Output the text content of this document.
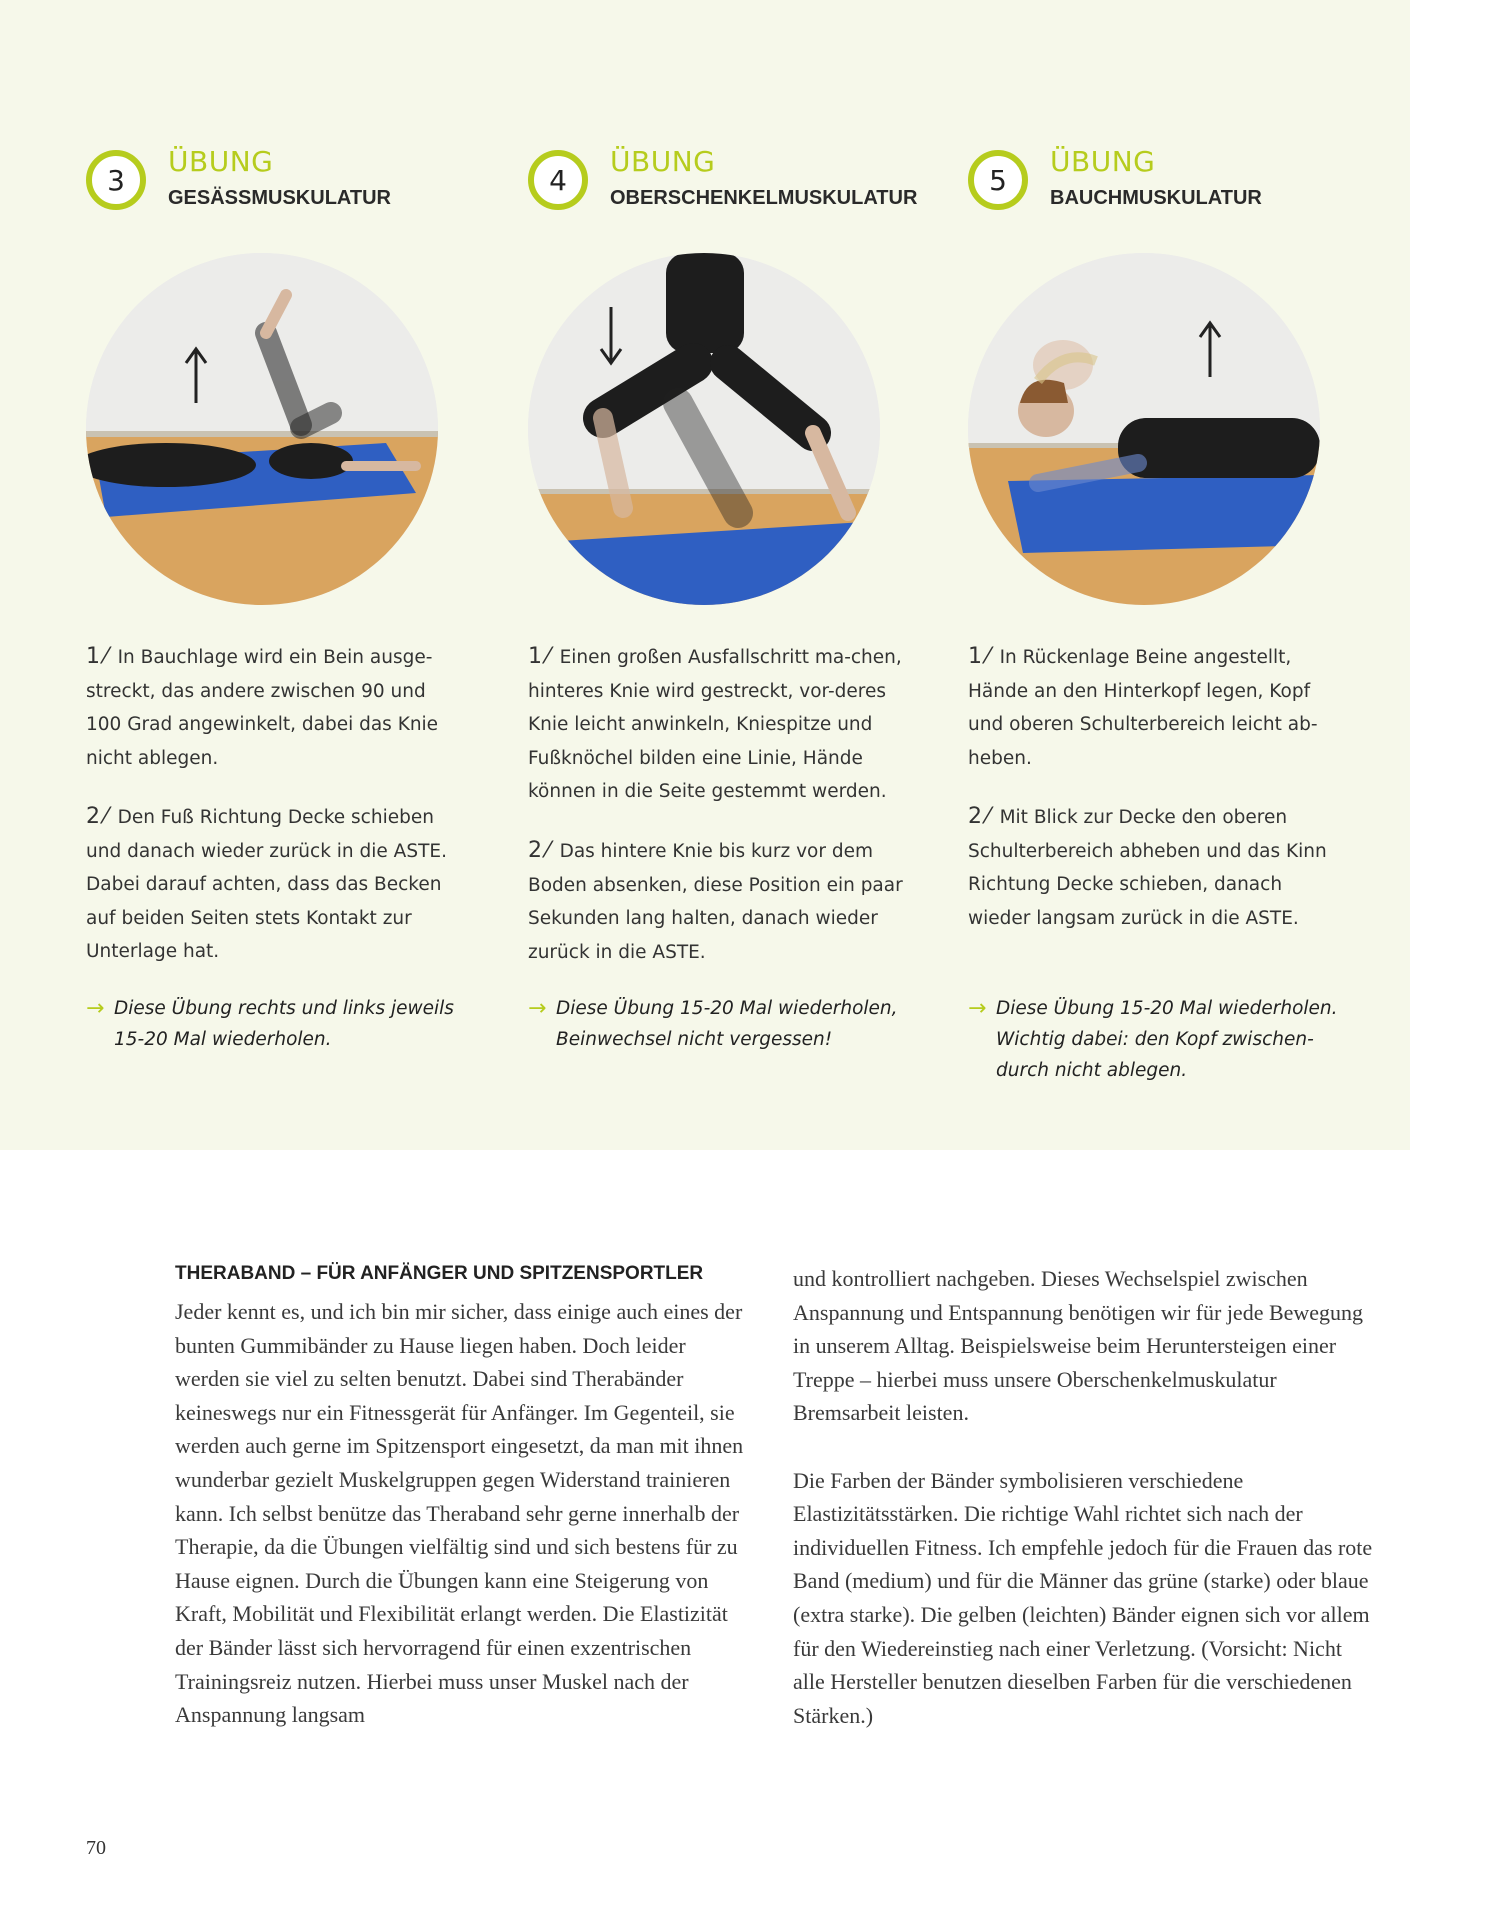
3
ÜBUNG
GESÄSSMUSKULATUR
1 ⁄ In Bauchlage wird ein Bein ausge-streckt, das andere zwischen 90 und 100 Grad angewinkelt, dabei das Knie nicht ablegen.
2 ⁄ Den Fuß Richtung Decke schieben und danach wieder zurück in die ASTE. Dabei darauf achten, dass das Becken auf beiden Seiten stets Kontakt zur Unterlage hat.
→ Diese Übung rechts und links jeweils 15-20 Mal wiederholen.
4
ÜBUNG
OBERSCHENKELMUSKULATUR
1 ⁄ Einen großen Ausfallschritt ma-chen, hinteres Knie wird gestreckt, vor-deres Knie leicht anwinkeln, Kniespitze und Fußknöchel bilden eine Linie, Hände können in die Seite gestemmt werden.
2 ⁄ Das hintere Knie bis kurz vor dem Boden absenken, diese Position ein paar Sekunden lang halten, danach wieder zurück in die ASTE.
→ Diese Übung 15-20 Mal wiederholen, Beinwechsel nicht vergessen!
5
ÜBUNG
BAUCHMUSKULATUR
1 ⁄ In Rückenlage Beine angestellt, Hände an den Hinterkopf legen, Kopf und oberen Schulterbereich leicht ab-heben.
2 ⁄ Mit Blick zur Decke den oberen Schulterbereich abheben und das Kinn Richtung Decke schieben, danach wieder langsam zurück in die ASTE.
→ Diese Übung 15-20 Mal wiederholen. Wichtig dabei: den Kopf zwischen-durch nicht ablegen.
THERABAND – FÜR ANFÄNGER UND SPITZENSPORTLER

Jeder kennt es, und ich bin mir sicher, dass einige auch eines der bunten Gummibänder zu Hause liegen haben. Doch leider werden sie viel zu selten benutzt. Dabei sind Therabänder keineswegs nur ein Fitnessgerät für Anfänger. Im Gegenteil, sie werden auch gerne im Spitzensport eingesetzt, da man mit ihnen wunderbar gezielt Muskelgruppen gegen Widerstand trainieren kann. Ich selbst benütze das Theraband sehr gerne innerhalb der Therapie, da die Übungen vielfältig sind und sich bestens für zu Hause eignen. Durch die Übungen kann eine Steigerung von Kraft, Mobilität und Flexibilität erlangt werden. Die Elastizität der Bänder lässt sich hervorragend für einen exzentrischen Trainingsreiz nutzen. Hierbei muss unser Muskel nach der Anspannung langsam

und kontrolliert nachgeben. Dieses Wechselspiel zwischen Anspannung und Entspannung benötigen wir für jede Bewegung in unserem Alltag. Beispielsweise beim Heruntersteigen einer Treppe – hierbei muss unsere Oberschenkelmuskulatur Bremsarbeit leisten.

Die Farben der Bänder symbolisieren verschiedene Elastizitätsstärken. Die richtige Wahl richtet sich nach der individuellen Fitness. Ich empfehle jedoch für die Frauen das rote Band (medium) und für die Männer das grüne (starke) oder blaue (extra starke). Die gelben (leichten) Bänder eignen sich vor allem für den Wiedereinstieg nach einer Verletzung. (Vorsicht: Nicht alle Hersteller benutzen dieselben Farben für die verschiedenen Stärken.)

70
